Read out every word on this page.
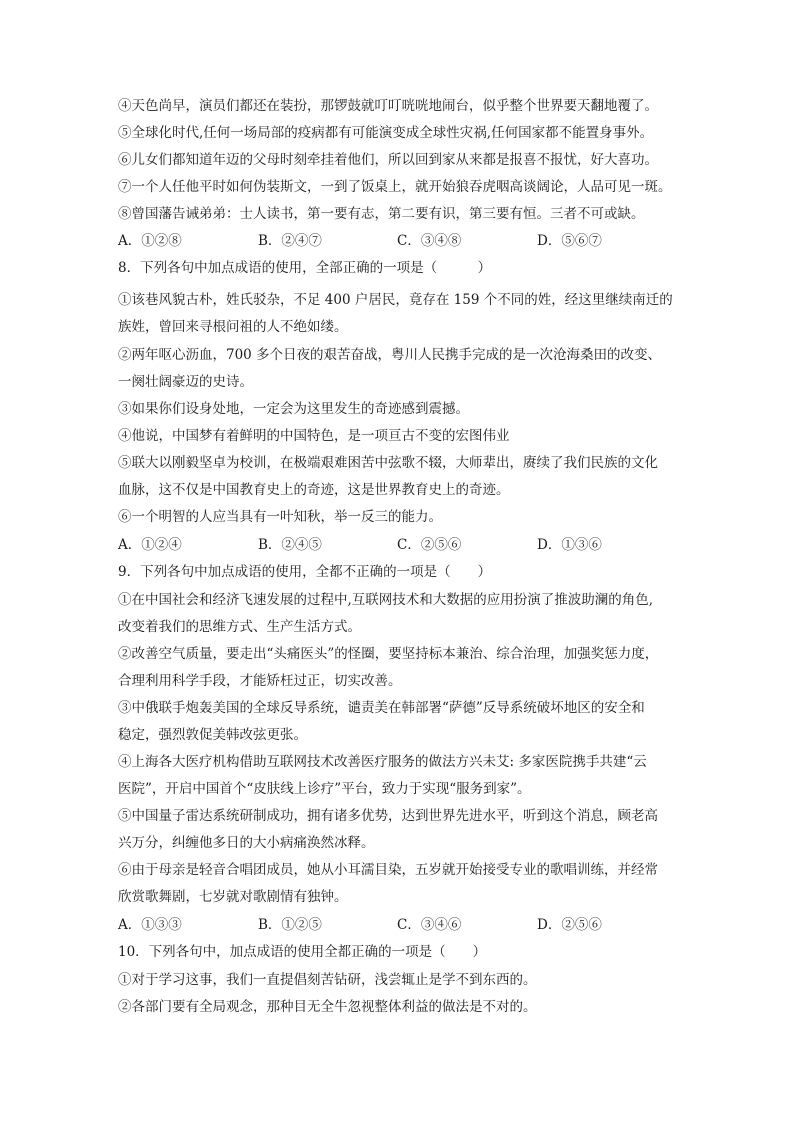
④天色尚早，演员们都还在装扮，那锣鼓就叮叮咣咣地闹台，似乎整个世界要天翻地覆了。
⑤全球化时代,任何一场局部的疫病都有可能演变成全球性灾祸,任何国家都不能置身事外。
⑥儿女们都知道年迈的父母时刻牵挂着他们，所以回到家从来都是报喜不报忧，好大喜功。
⑦一个人任他平时如何伪装斯文，一到了饭桌上，就开始狼吞虎咽高谈阔论，人品可见一斑。
⑧曾国藩告诫弟弟：士人读书，第一要有志，第二要有识，第三要有恒。三者不可或缺。
A．①②⑧	B．②④⑦	C．③④⑧	D．⑤⑥⑦
8．下列各句中加点成语的使用，全部正确的一项是（　　　）
①该巷风貌古朴，姓氏驳杂，不足 400 户居民，竟存在 159 个不同的姓，经这里继续南迁的
族姓，曾回来寻根问祖的人不绝如缕。
②两年呕心沥血，700 多个日夜的艰苦奋战，粤川人民携手完成的是一次沧海桑田的改变、
一阕壮阔豪迈的史诗。
③如果你们设身处地，一定会为这里发生的奇迹感到震撼。
④他说，中国梦有着鲜明的中国特色，是一项亘古不变的宏图伟业
⑤联大以刚毅坚卓为校训，在极端艰难困苦中弦歌不辍，大师辈出，赓续了我们民族的文化
血脉，这不仅是中国教育史上的奇迹，这是世界教育史上的奇迹。
⑥一个明智的人应当具有一叶知秋，举一反三的能力。
A．①②④	B．②④⑤	C．②⑤⑥	D．①③⑥
9．下列各句中加点成语的使用，全都不正确的一项是（　　）
①在中国社会和经济飞速发展的过程中,互联网技术和大数据的应用扮演了推波助澜的角色,
改变着我们的思维方式、生产生活方式。
②改善空气质量，要走出“头痛医头”的怪圈，要坚持标本兼治、综合治理，加强奖惩力度，
合理利用科学手段，才能矫枉过正，切实改善。
③中俄联手炮轰美国的全球反导系统，谴责美在韩部署“萨德”反导系统破坏地区的安全和
稳定，强烈敦促美韩改弦更张。
④上海各大医疗机构借助互联网技术改善医疗服务的做法方兴未艾: 多家医院携手共建“云
医院”，开启中国首个“皮肤线上诊疗”平台，致力于实现“服务到家”。
⑤中国量子雷达系统研制成功，拥有诸多优势，达到世界先进水平，听到这个消息，顾老高
兴万分，纠缠他多日的大小病痛涣然冰释。
⑥由于母亲是轻音合唱团成员，她从小耳濡目染，五岁就开始接受专业的歌唱训练，并经常
欣赏歌舞剧，七岁就对歌剧情有独钟。
A．①③③	B．①②⑤	C．③④⑥	D．②⑤⑥
10．下列各句中，加点成语的使用全都正确的一项是（　　）
①对于学习这事，我们一直提倡刻苦钻研，浅尝辄止是学不到东西的。
②各部门要有全局观念，那种目无全牛忽视整体利益的做法是不对的。
